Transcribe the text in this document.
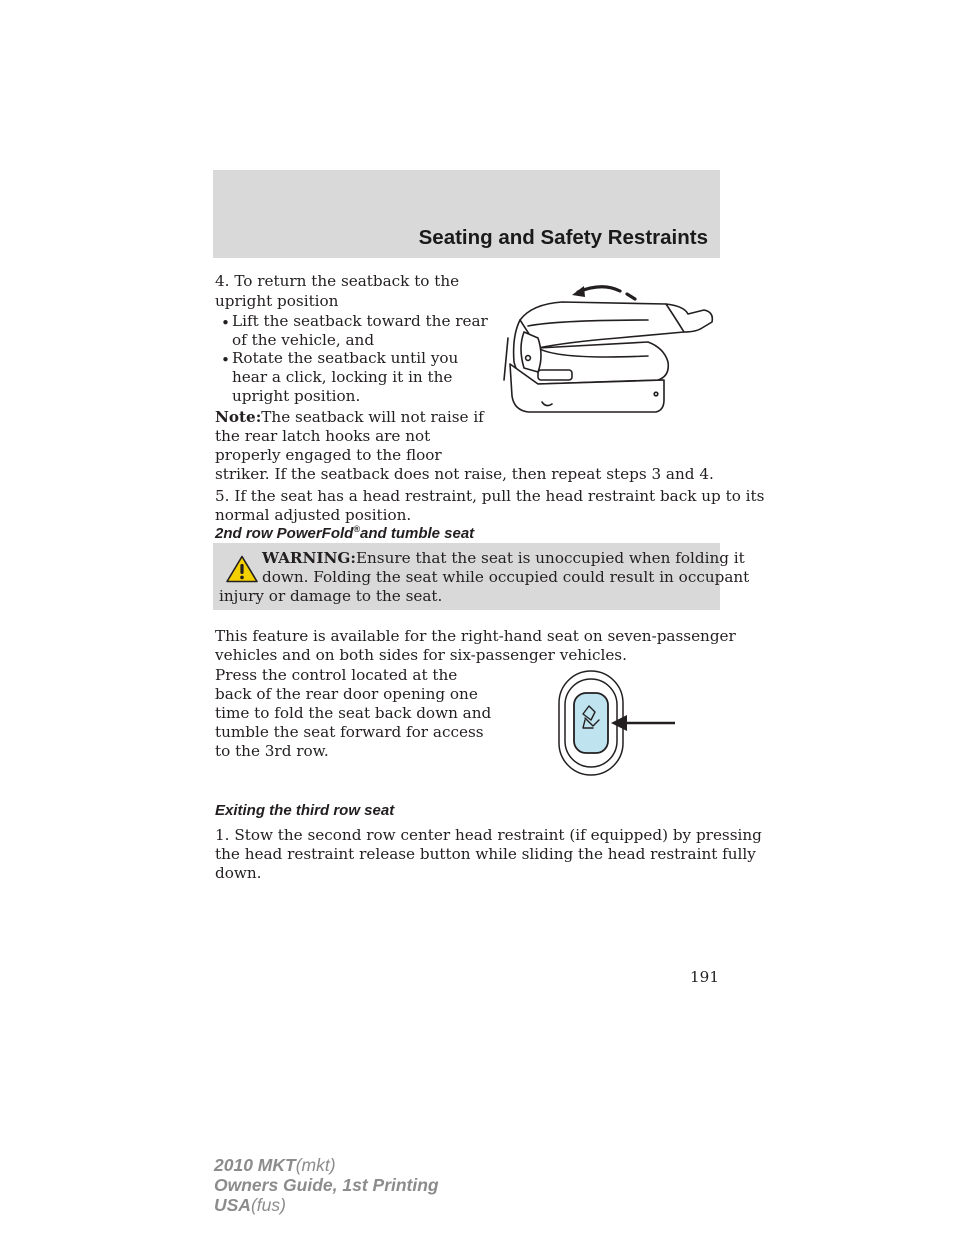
Seating and Safety Restraints
4. To return the seatback to the
upright position
• Lift the seatback toward the rear
of the vehicle, and
• Rotate the seatback until you
hear a click, locking it in the
upright position.
Note:The seatback will not raise if
the rear latch hooks are not
properly engaged to the floor
striker. If the seatback does not raise, then repeat steps 3 and 4.
5. If the seat has a head restraint, pull the head restraint back up to its
normal adjusted position.
2nd row PowerFold®and tumble seat
WARNING:Ensure that the seat is unoccupied when folding it
down. Folding the seat while occupied could result in occupant
injury or damage to the seat.
This feature is available for the right-hand seat on seven-passenger
vehicles and on both sides for six-passenger vehicles.
Press the control located at the
back of the rear door opening one
time to fold the seat back down and
tumble the seat forward for access
to the 3rd row.
Exiting the third row seat
1. Stow the second row center head restraint (if equipped) by pressing
the head restraint release button while sliding the head restraint fully
down.
191
2010 MKT(mkt)
Owners Guide, 1st Printing
USA(fus)
